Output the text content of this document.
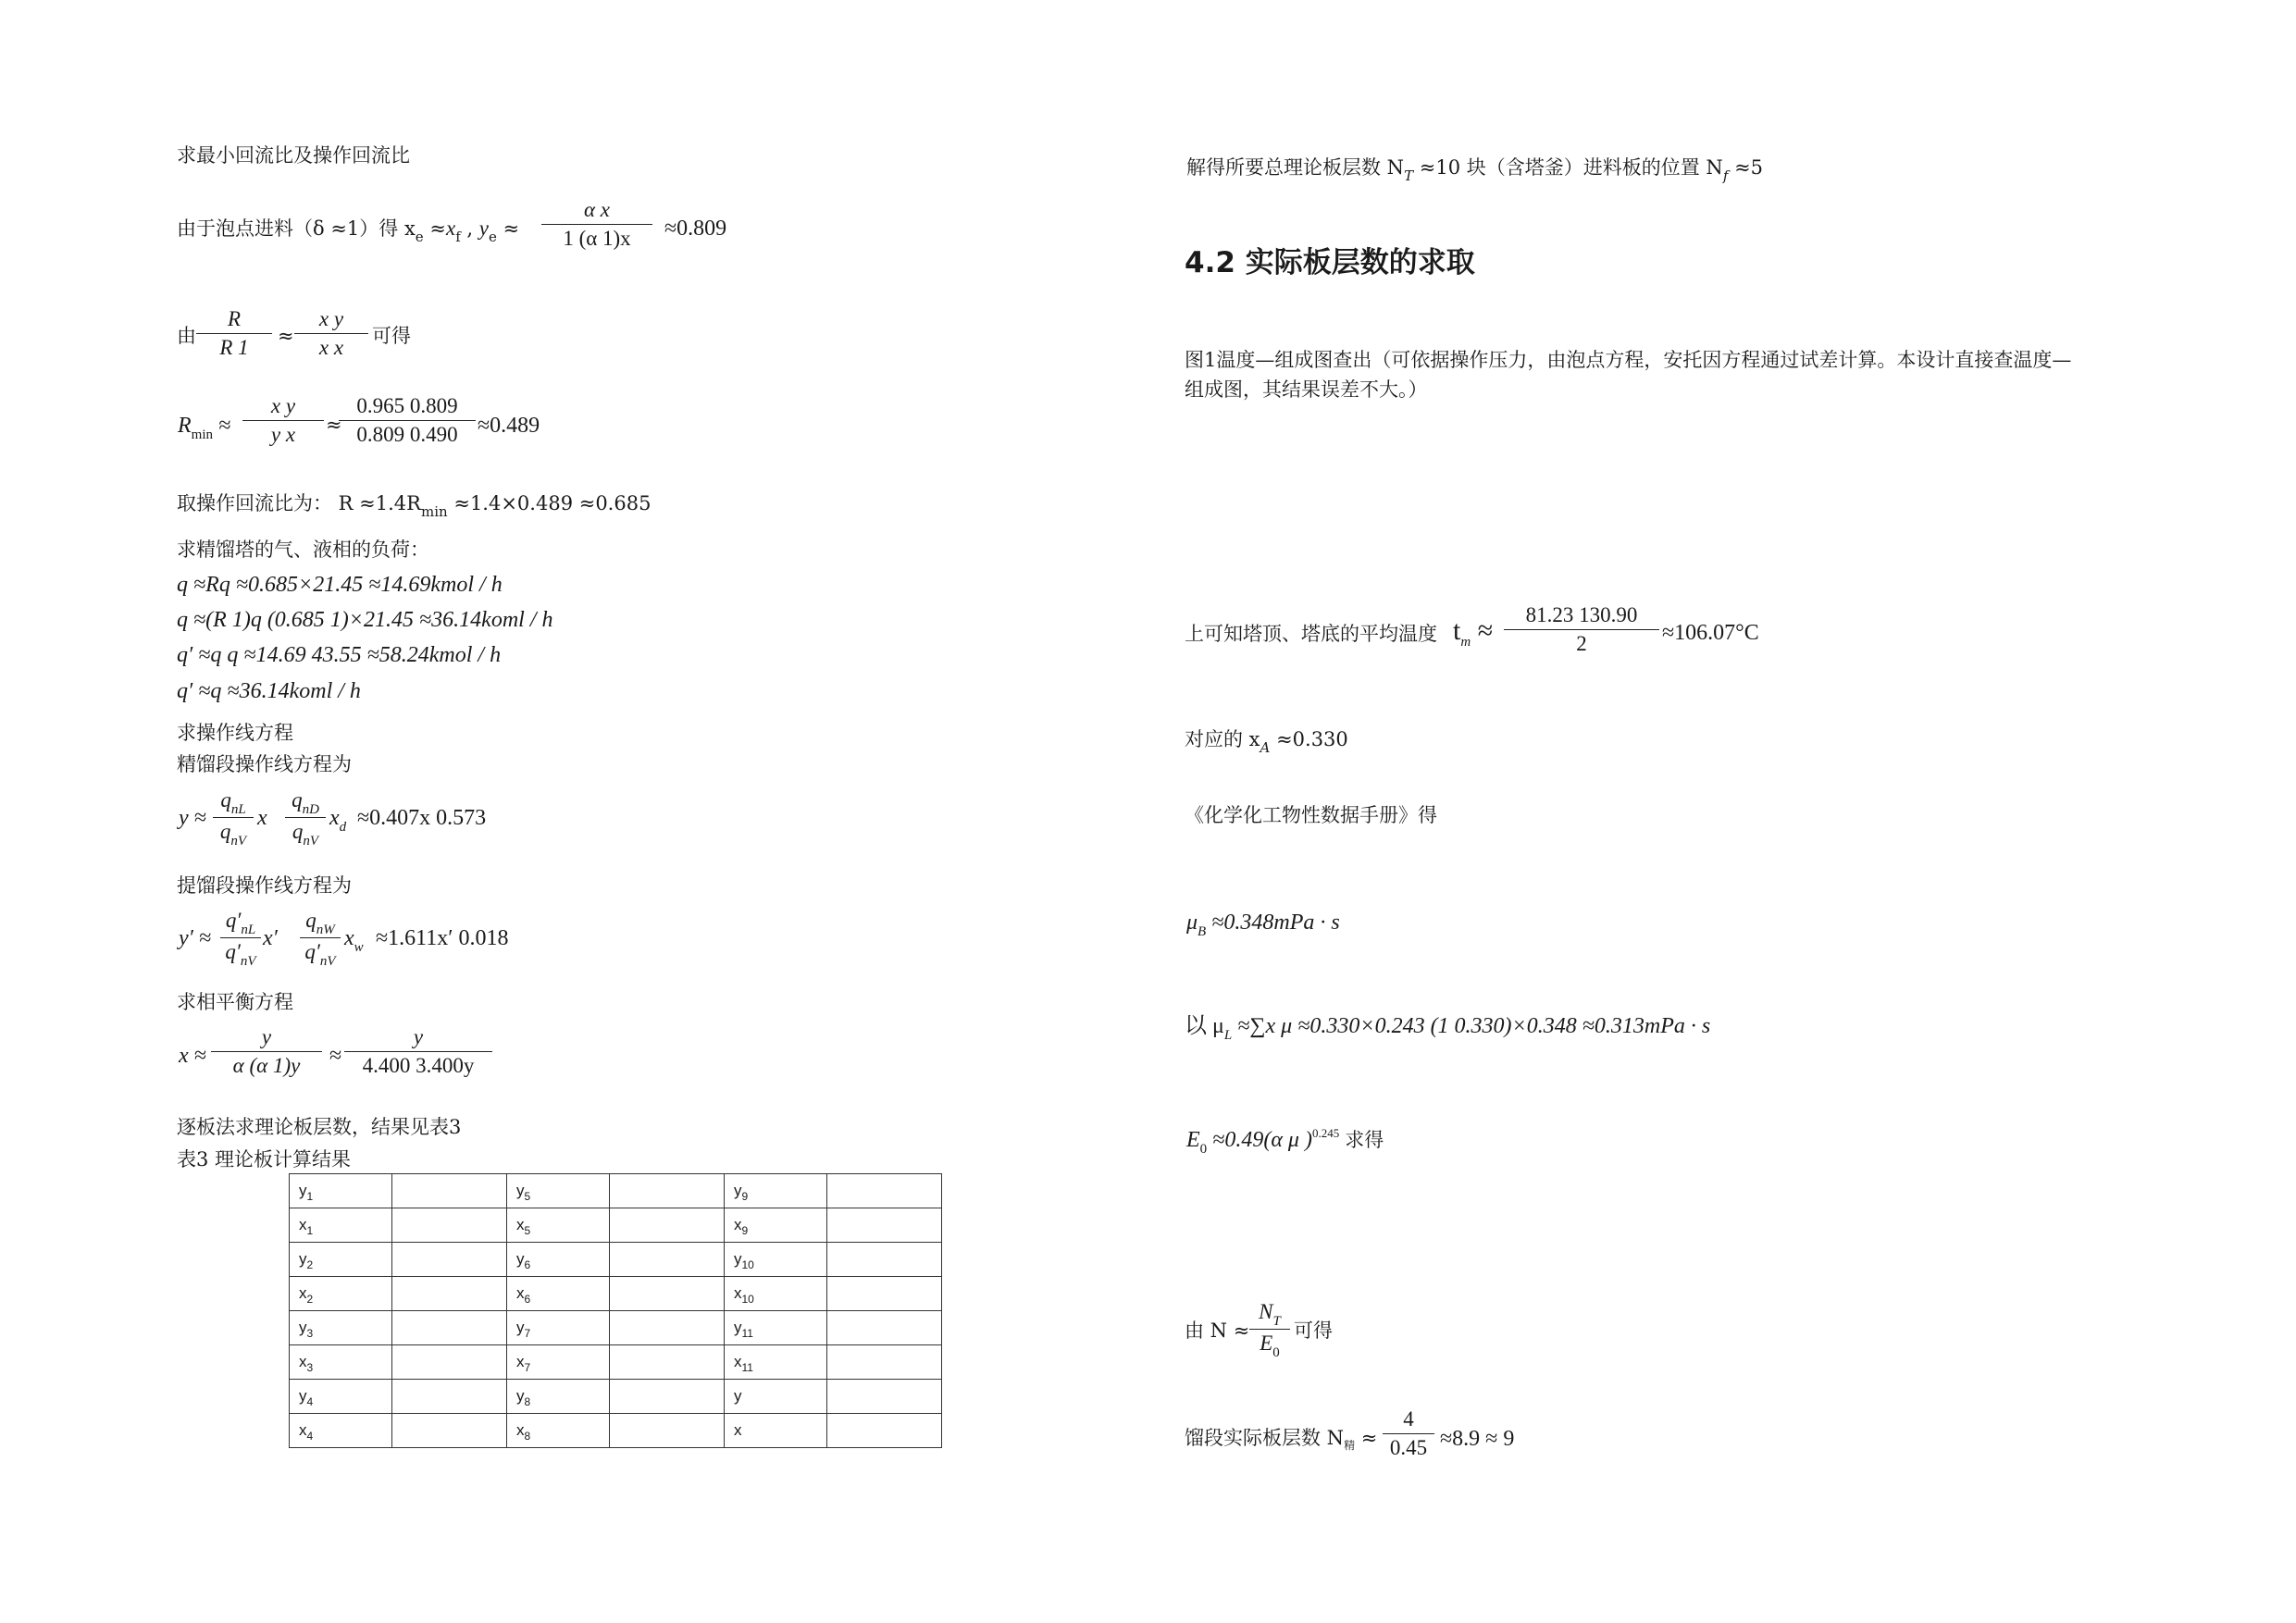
求最小回流比及操作回流比
由于泡点进料（δ ≈1）得 $x_e \approx x_f$ , $y_e \approx \frac{\text{α x}}{1 (\alpha 1)x} \approx 0.809$
由 $\frac{R}{R 1} \approx \frac{\text{x y}}{\text{x x}}$ 可得
$R_{min} \approx \frac{\text{x y}}{\text{y x}}$ ≈
$\frac{0.965 0.809}{0.809 0.490} \approx 0.489$
取操作回流比为： $R \approx 1.4R_{min} \approx 1.4\times 0.489 \approx 0.685$
求精馏塔的气、液相的负荷：
q ≈Rq ≈0.685×21.45 ≈14.69kmol / h
q ≈(R 1)q (0.685 1)×21.45 ≈36.14koml / h
q′ ≈q q ≈14.69 43.55 ≈58.24kmol / h
q′ ≈q ≈36.14koml / h
求操作线方程
精馏段操作线方程为
y ≈
$q_{nL}$
$q_{nV}$
x
$q_{nD}$
$q_{nV}$
$x_d \approx 0.407x$ 0.573
提馏段操作线方程为
$y' \approx \frac{q'_{nL}}{q'_{nV}} x'$
$q_{nW}$
$q'_{nV}$
$x_w \approx 1.611x'$ 0.018
求相平衡方程
$x \approx \frac{y}{\alpha (\alpha 1)y} \approx \frac{y}{4.400 3.400y}$
逐板法求理论板层数，结果见表3
表3 理论板计算结果
$y_1$		$y_5$		$y_9$	
$x_1$		$x_5$		$x_9$	
$y_2$		$y_6$		$y_{10}$	
$x_2$		$x_6$		$x_{10}$	
$y_3$		$y_7$		$y_{11}$	
$x_3$		$x_7$		$x_{11}$	
$y_4$		$y_8$		y	
$x_4$		$x_8$		x	
解得所要总理论板层数 $N_T \approx 10$ 块（含塔釜）进料板的位置 $N_f \approx 5$
4.2 实际板层数的求取
图1温度—组成图查出（可依据操作压力，由泡点方程，安托因方程通过试差计算。本设计直接查温度—
组成图，其结果误差不大。）
上可知塔顶、塔底的平均温度 $t_m \approx \frac{81.23 130.90}{2} \approx 106.07^\circ C$
对应的 $x_A \approx 0.330$
《化学化工物性数据手册》得
$\mu_B \approx 0.348mPa \cdot s$
以 $\mu_L \approx\sum x$ μ ≈0.330×0.243 (1 0.330)×0.348 ≈0.313mPa · s
$E_0 \approx 0.49(\alpha$ μ )$^{0.245}$ 求得
由 $N \approx \frac{N_T}{E_0}$ 可得
馏段实际板层数 $N_精 \approx \frac{4}{0.45} \approx 8.9 \approx 9$
